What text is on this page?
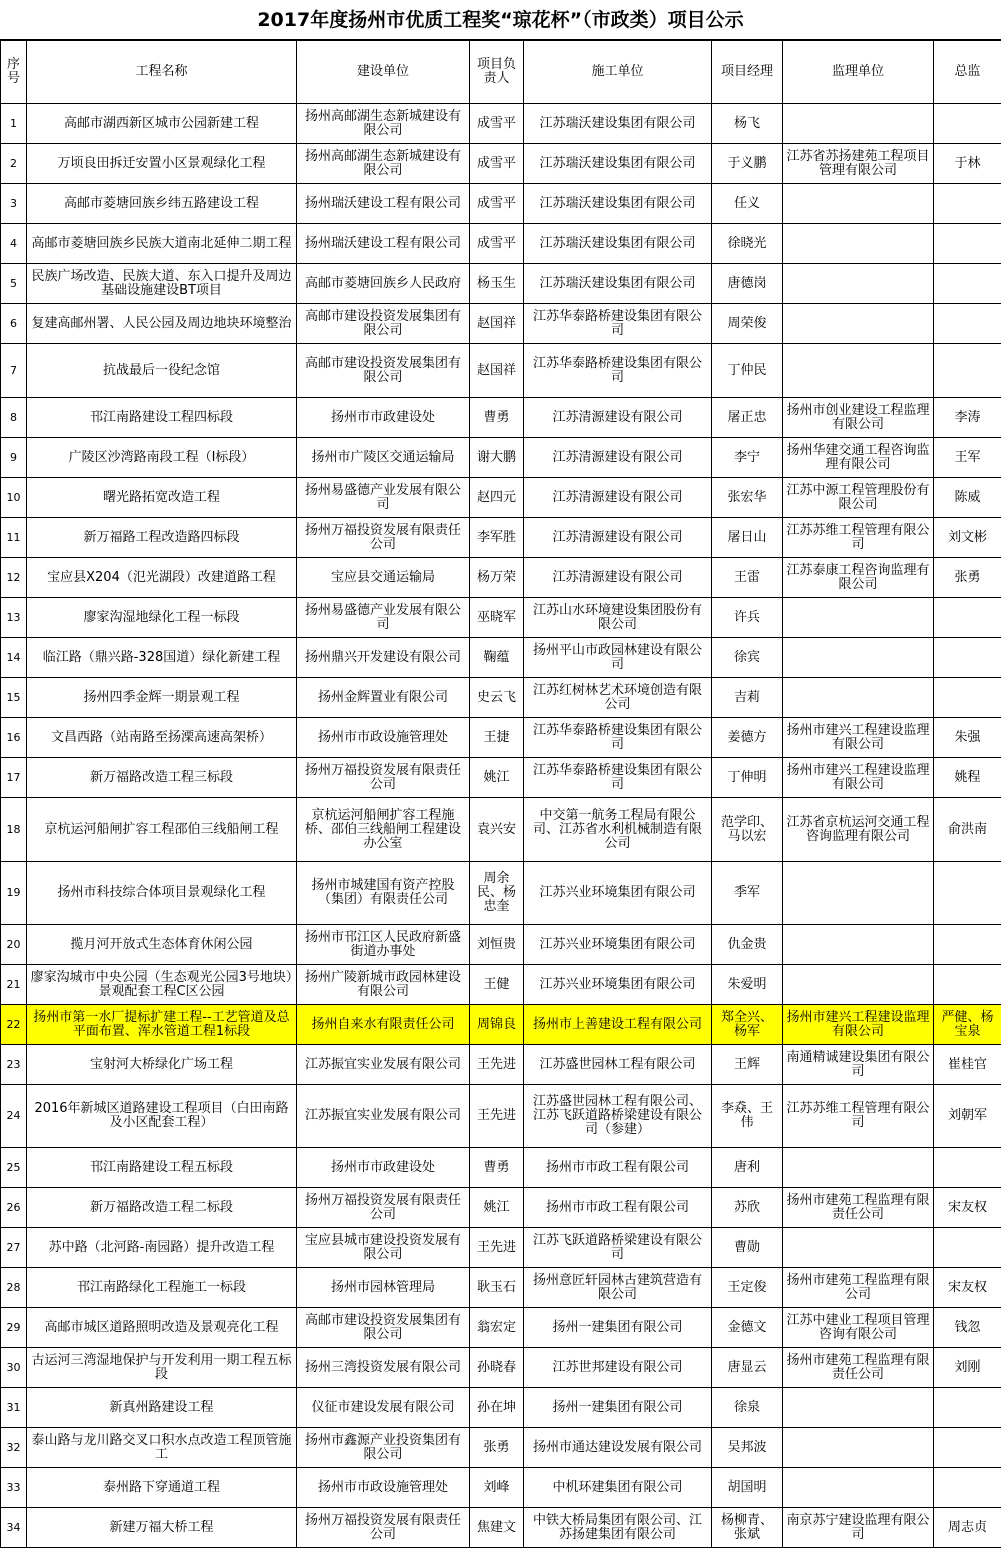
2017年度扬州市优质工程奖“琼花杯”（市政类）项目公示
序号	工程名称	建设单位	项目负责人	施工单位	项目经理	监理单位	总监
1	高邮市湖西新区城市公园新建工程	扬州高邮湖生态新城建设有限公司	成雪平	江苏瑞沃建设集团有限公司	杨飞		
2	万顷良田拆迁安置小区景观绿化工程	扬州高邮湖生态新城建设有限公司	成雪平	江苏瑞沃建设集团有限公司	于义鹏	江苏省苏扬建苑工程项目管理有限公司	于林
3	高邮市菱塘回族乡纬五路建设工程	扬州瑞沃建设工程有限公司	成雪平	江苏瑞沃建设集团有限公司	任义		
4	高邮市菱塘回族乡民族大道南北延伸二期工程	扬州瑞沃建设工程有限公司	成雪平	江苏瑞沃建设集团有限公司	徐晓光		
5	民族广场改造、民族大道、东入口提升及周边基础设施建设BT项目	高邮市菱塘回族乡人民政府	杨玉生	江苏瑞沃建设集团有限公司	唐德岗		
6	复建高邮州署、人民公园及周边地块环境整治	高邮市建设投资发展集团有限公司	赵国祥	江苏华泰路桥建设集团有限公司	周荣俊		
7	抗战最后一役纪念馆	高邮市建设投资发展集团有限公司	赵国祥	江苏华泰路桥建设集团有限公司	丁仲民		
8	邗江南路建设工程四标段	扬州市市政建设处	曹勇	江苏清源建设有限公司	屠正忠	扬州市创业建设工程监理有限公司	李涛
9	广陵区沙湾路南段工程（I标段）	扬州市广陵区交通运输局	谢大鹏	江苏清源建设有限公司	李宁	扬州华建交通工程咨询监理有限公司	王军
10	曙光路拓宽改造工程	扬州易盛德产业发展有限公司	赵四元	江苏清源建设有限公司	张宏华	江苏中源工程管理股份有限公司	陈威
11	新万福路工程改造路四标段	扬州万福投资发展有限责任公司	李军胜	江苏清源建设有限公司	屠日山	江苏苏维工程管理有限公司	刘文彬
12	宝应县X204（氾光湖段）改建道路工程	宝应县交通运输局	杨万荣	江苏清源建设有限公司	王雷	江苏泰康工程咨询监理有限公司	张勇
13	廖家沟湿地绿化工程一标段	扬州易盛德产业发展有限公司	巫晓军	江苏山水环境建设集团股份有限公司	许兵		
14	临江路（鼎兴路-328国道）绿化新建工程	扬州鼎兴开发建设有限公司	鞠蕴	扬州平山市政园林建设有限公司	徐宾		
15	扬州四季金辉一期景观工程	扬州金辉置业有限公司	史云飞	江苏红树林艺术环境创造有限公司	吉莉		
16	文昌西路（站南路至扬溧高速高架桥）	扬州市市政设施管理处	王捷	江苏华泰路桥建设集团有限公司	姜德方	扬州市建兴工程建设监理有限公司	朱强
17	新万福路改造工程三标段	扬州万福投资发展有限责任公司	姚江	江苏华泰路桥建设集团有限公司	丁伸明	扬州市建兴工程建设监理有限公司	姚程
18	京杭运河船闸扩容工程邵伯三线船闸工程	京杭运河船闸扩容工程施桥、邵伯三线船闸工程建设办公室	袁兴安	中交第一航务工程局有限公司、江苏省水利机械制造有限公司	范学印、马以宏	江苏省京杭运河交通工程咨询监理有限公司	俞洪南
19	扬州市科技综合体项目景观绿化工程	扬州市城建国有资产控股（集团）有限责任公司	周余民、杨忠奎	江苏兴业环境集团有限公司	季军		
20	揽月河开放式生态体育休闲公园	扬州市邗江区人民政府新盛街道办事处	刘恒贵	江苏兴业环境集团有限公司	仇金贵		
21	廖家沟城市中央公园（生态观光公园3号地块）景观配套工程C区公园	扬州广陵新城市政园林建设有限公司	王健	江苏兴业环境集团有限公司	朱爱明		
22	扬州市第一水厂提标扩建工程--工艺管道及总平面布置、浑水管道工程1标段	扬州自来水有限责任公司	周锦良	扬州市上善建设工程有限公司	郑全兴、杨军	扬州市建兴工程建设监理有限公司	严健、杨宝泉
23	宝射河大桥绿化广场工程	江苏振宜实业发展有限公司	王先进	江苏盛世园林工程有限公司	王辉	南通精诚建设集团有限公司	崔桂官
24	2016年新城区道路建设工程项目（白田南路及小区配套工程）	江苏振宜实业发展有限公司	王先进	江苏盛世园林工程有限公司、江苏飞跃道路桥梁建设有限公司（参建）	李猋、王伟	江苏苏维工程管理有限公司	刘朝军
25	邗江南路建设工程五标段	扬州市市政建设处	曹勇	扬州市市政工程有限公司	唐利		
26	新万福路改造工程二标段	扬州万福投资发展有限责任公司	姚江	扬州市市政工程有限公司	苏欣	扬州市建苑工程监理有限责任公司	宋友权
27	苏中路（北河路-南园路）提升改造工程	宝应县城市建设投资发展有限公司	王先进	江苏飞跃道路桥梁建设有限公司	曹勋		
28	邗江南路绿化工程施工一标段	扬州市园林管理局	耿玉石	扬州意匠轩园林古建筑营造有限公司	王定俊	扬州市建苑工程监理有限公司	宋友权
29	高邮市城区道路照明改造及景观亮化工程	高邮市建设投资发展集团有限公司	翁宏定	扬州一建集团有限公司	金德文	江苏中建业工程项目管理咨询有限公司	钱忽
30	古运河三湾湿地保护与开发利用一期工程五标段	扬州三湾投资发展有限公司	孙晓春	江苏世邦建设有限公司	唐显云	扬州市建苑工程监理有限责任公司	刘刚
31	新真州路建设工程	仪征市建设发展有限公司	孙在坤	扬州一建集团有限公司	徐泉		
32	泰山路与龙川路交叉口积水点改造工程顶管施工	扬州市鑫源产业投资集团有限公司	张勇	扬州市通达建设发展有限公司	吴邦波		
33	泰州路下穿通道工程	扬州市市政设施管理处	刘峰	中机环建集团有限公司	胡国明		
34	新建万福大桥工程	扬州万福投资发展有限责任公司	焦建文	中铁大桥局集团有限公司、江苏扬建集团有限公司	杨柳青、张斌	南京苏宁建设监理有限公司	周志贞
